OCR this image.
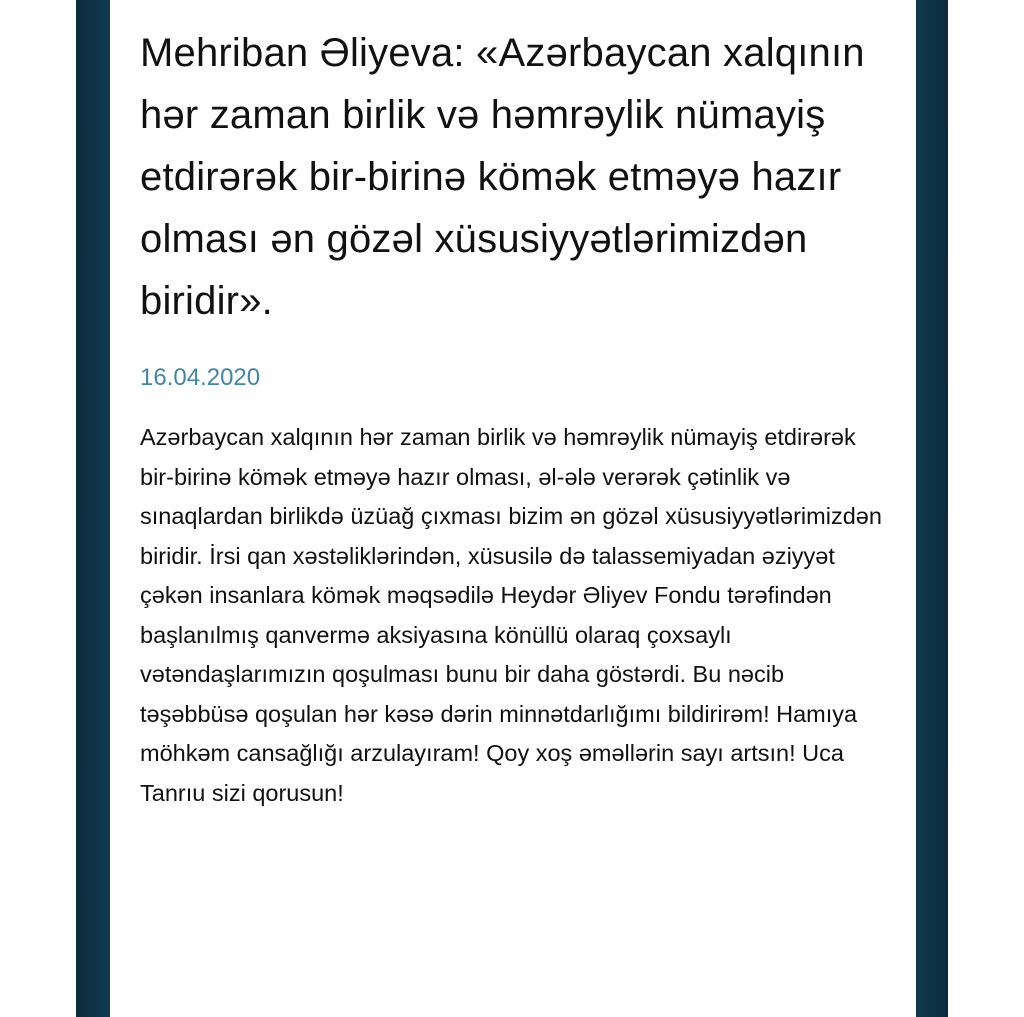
Mehriban Əliyeva: «Azərbaycan xalqının hər zaman birlik və həmrəylik nümayiş etdirərək bir-birinə kömək etməyə hazır olması ən gözəl xüsusiyyətlərimizdən biridir».
16.04.2020

Azərbaycan xalqının hər zaman birlik və həmrəylik nümayiş etdirərək bir-birinə kömək etməyə hazır olması, əl-ələ verərək çətinlik və sınaqlardan birlikdə üzüağ çıxması bizim ən gözəl xüsusiyyətlərimizdən biridir. İrsi qan xəstəliklərindən, xüsusilə də talassemiyadan əziyyət çəkən insanlara kömək məqsədilə Heydər Əliyev Fondu tərəfindən başlanılmış qanvermə aksiyasına könüllü olaraq çoxsaylı vətəndaşlarımızın qoşulması bunu bir daha göstərdi. Bu nəcib təşəbbüsə qoşulan hər kəsə dərin minnətdarlığımı bildirirəm! Hamıya möhkəm cansağlığı arzulayıram! Qoy xoş əməllərin sayı artsın! Uca Tanrıu sizi qorusun!
